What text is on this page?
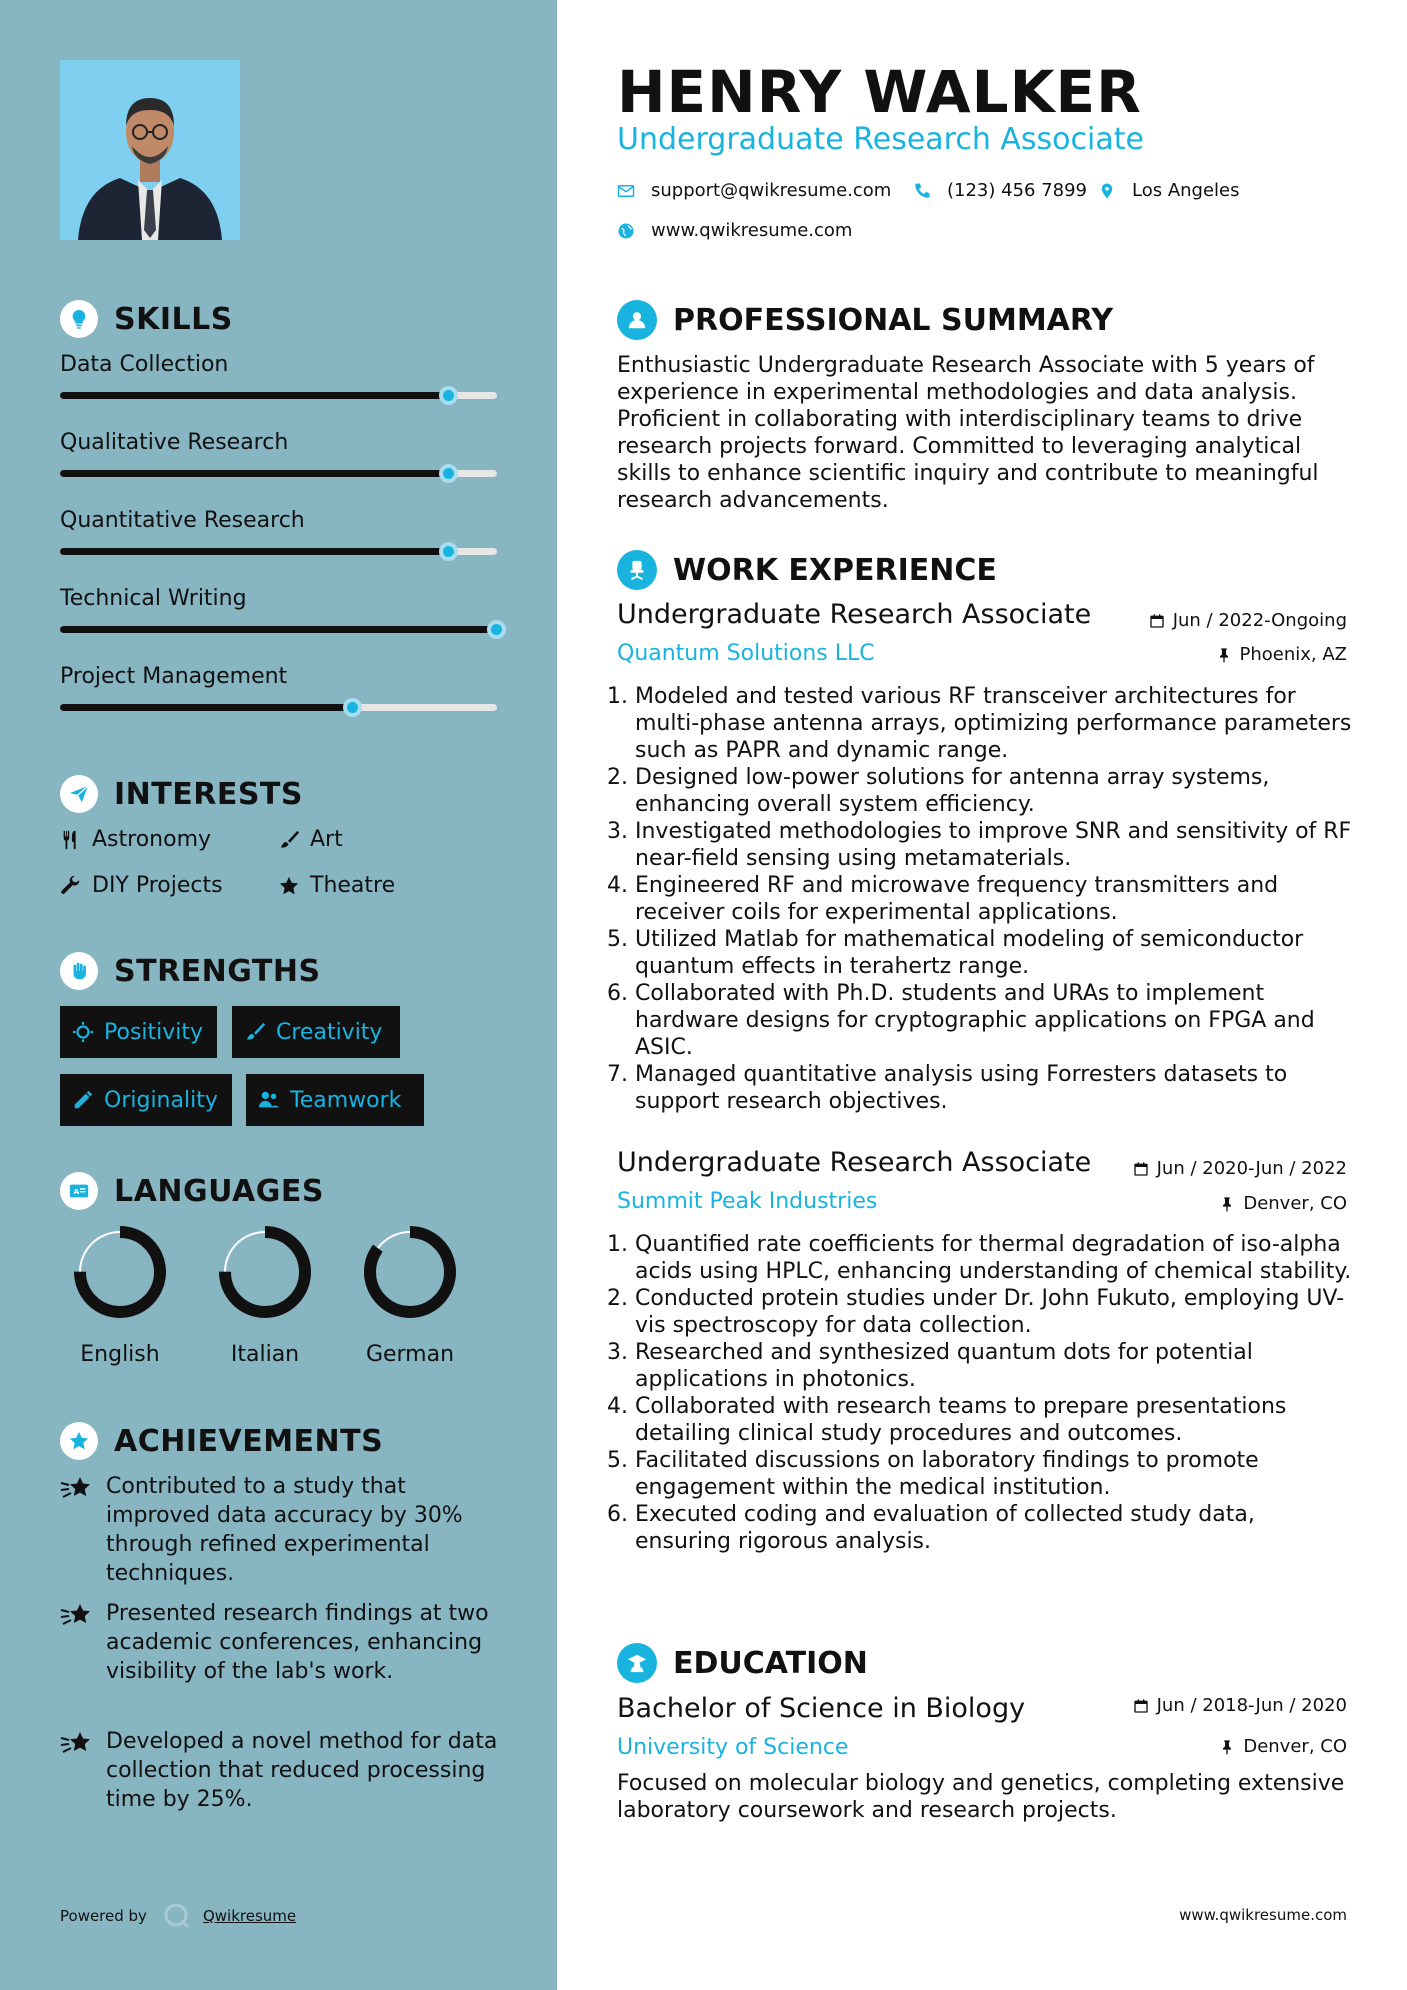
SKILLS
Data Collection
Qualitative Research
Quantitative Research
Technical Writing
Project Management
INTERESTS
Astronomy	Art
DIY Projects	Theatre
STRENGTHS
Positivity	Creativity
Originality	Teamwork
A LANGUAGES
English	Italian	German
ACHIEVEMENTS
Contributed to a study that improved data accuracy by 30% through refined experimental techniques.
Presented research findings at two academic conferences, enhancing visibility of the lab's work.
Developed a novel method for data collection that reduced processing time by 25%.
Powered by	Qwikresume
HENRY WALKER
Undergraduate Research Associate
support@qwikresume.com	(123) 456 7899 Los Angeles
www.qwikresume.com
PROFESSIONAL SUMMARY
Enthusiastic Undergraduate Research Associate with 5 years of experience in experimental methodologies and data analysis. Proficient in collaborating with interdisciplinary teams to drive research projects forward. Committed to leveraging analytical skills to enhance scientific inquiry and contribute to meaningful research advancements.
WORK EXPERIENCE
Undergraduate Research Associate	Jun / 2022-Ongoing
Quantum Solutions LLC	Phoenix, AZ
Modeled and tested various RF transceiver architectures for multi-phase antenna arrays, optimizing performance parameters such as PAPR and dynamic range.
Designed low-power solutions for antenna array systems, enhancing overall system efficiency.
Investigated methodologies to improve SNR and sensitivity of RF near-field sensing using metamaterials.
Engineered RF and microwave frequency transmitters and receiver coils for experimental applications.
Utilized Matlab for mathematical modeling of semiconductor quantum effects in terahertz range.
Collaborated with Ph.D. students and URAs to implement hardware designs for cryptographic applications on FPGA and ASIC.
Managed quantitative analysis using Forresters datasets to support research objectives.
Undergraduate Research Associate	Jun / 2020-Jun / 2022
Summit Peak Industries	Denver, CO
Quantified rate coefficients for thermal degradation of iso-alpha acids using HPLC, enhancing understanding of chemical stability.
Conducted protein studies under Dr. John Fukuto, employing UV-vis spectroscopy for data collection.
Researched and synthesized quantum dots for potential applications in photonics.
Collaborated with research teams to prepare presentations detailing clinical study procedures and outcomes.
Facilitated discussions on laboratory findings to promote engagement within the medical institution.
Executed coding and evaluation of collected study data, ensuring rigorous analysis.
EDUCATION
Bachelor of Science in Biology	Jun / 2018-Jun / 2020
University of Science	Denver, CO
Focused on molecular biology and genetics, completing extensive laboratory coursework and research projects.
www.qwikresume.com
